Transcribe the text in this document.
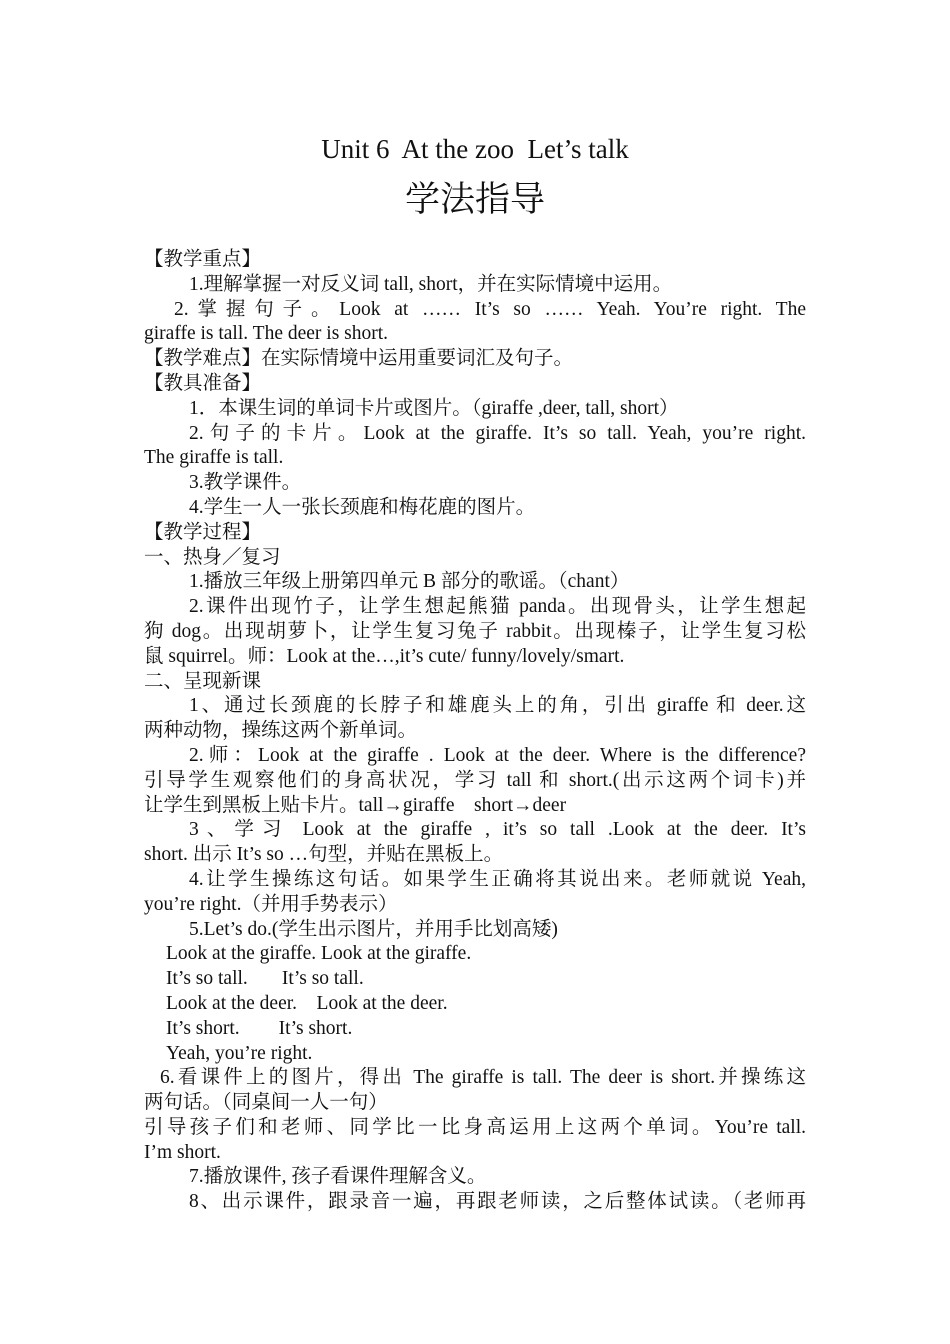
Unit 6  At the zoo  Let’s talk
学法指导
【教学重点】
1.理解掌握一对反义词 tall, short，并在实际情境中运用。
2.掌握句子。Look at …… It’s so …… Yeah. You’re right. The
giraffe is tall. The deer is short.
【教学难点】在实际情境中运用重要词汇及句子。
【教具准备】
1．本课生词的单词卡片或图片。（giraffe ,deer, tall, short）
2.句子的卡片。Look at the giraffe. It’s so tall. Yeah, you’re right.
The giraffe is tall.
3.教学课件。
4.学生一人一张长颈鹿和梅花鹿的图片。
【教学过程】
一、热身／复习
1.播放三年级上册第四单元 B 部分的歌谣。（chant）
2.课件出现竹子，让学生想起熊猫 panda。出现骨头，让学生想起
狗 dog。出现胡萝卜，让学生复习兔子 rabbit。出现榛子，让学生复习松
鼠 squirrel。师：Look at the…,it’s cute/ funny/lovely/smart.
二、呈现新课
1、通过长颈鹿的长脖子和雄鹿头上的角，引出 giraffe 和 deer.这
两种动物，操练这两个新单词。
2.师：Look at the giraffe . Look at the deer. Where is the difference?
引导学生观察他们的身高状况，学习 tall 和 short.(出示这两个词卡)并
让学生到黑板上贴卡片。tall→giraffe    short→deer
3、学习 Look at the giraffe , it’s so tall .Look at the deer. It’s
short. 出示 It’s so …句型，并贴在黑板上。
4.让学生操练这句话。如果学生正确将其说出来。老师就说 Yeah,
you’re right.（并用手势表示）
5.Let’s do.(学生出示图片，并用手比划高矮)
Look at the giraffe. Look at the giraffe.
It’s so tall.       It’s so tall.
Look at the deer.    Look at the deer.
It’s short.        It’s short.
Yeah, you’re right.
6.看课件上的图片，得出 The giraffe is tall. The deer is short.并操练这
两句话。（同桌间一人一句）
引导孩子们和老师、同学比一比身高运用上这两个单词。You’re tall.
I’m short.
7.播放课件, 孩子看课件理解含义。
8、出示课件，跟录音一遍，再跟老师读，之后整体试读。（老师再
